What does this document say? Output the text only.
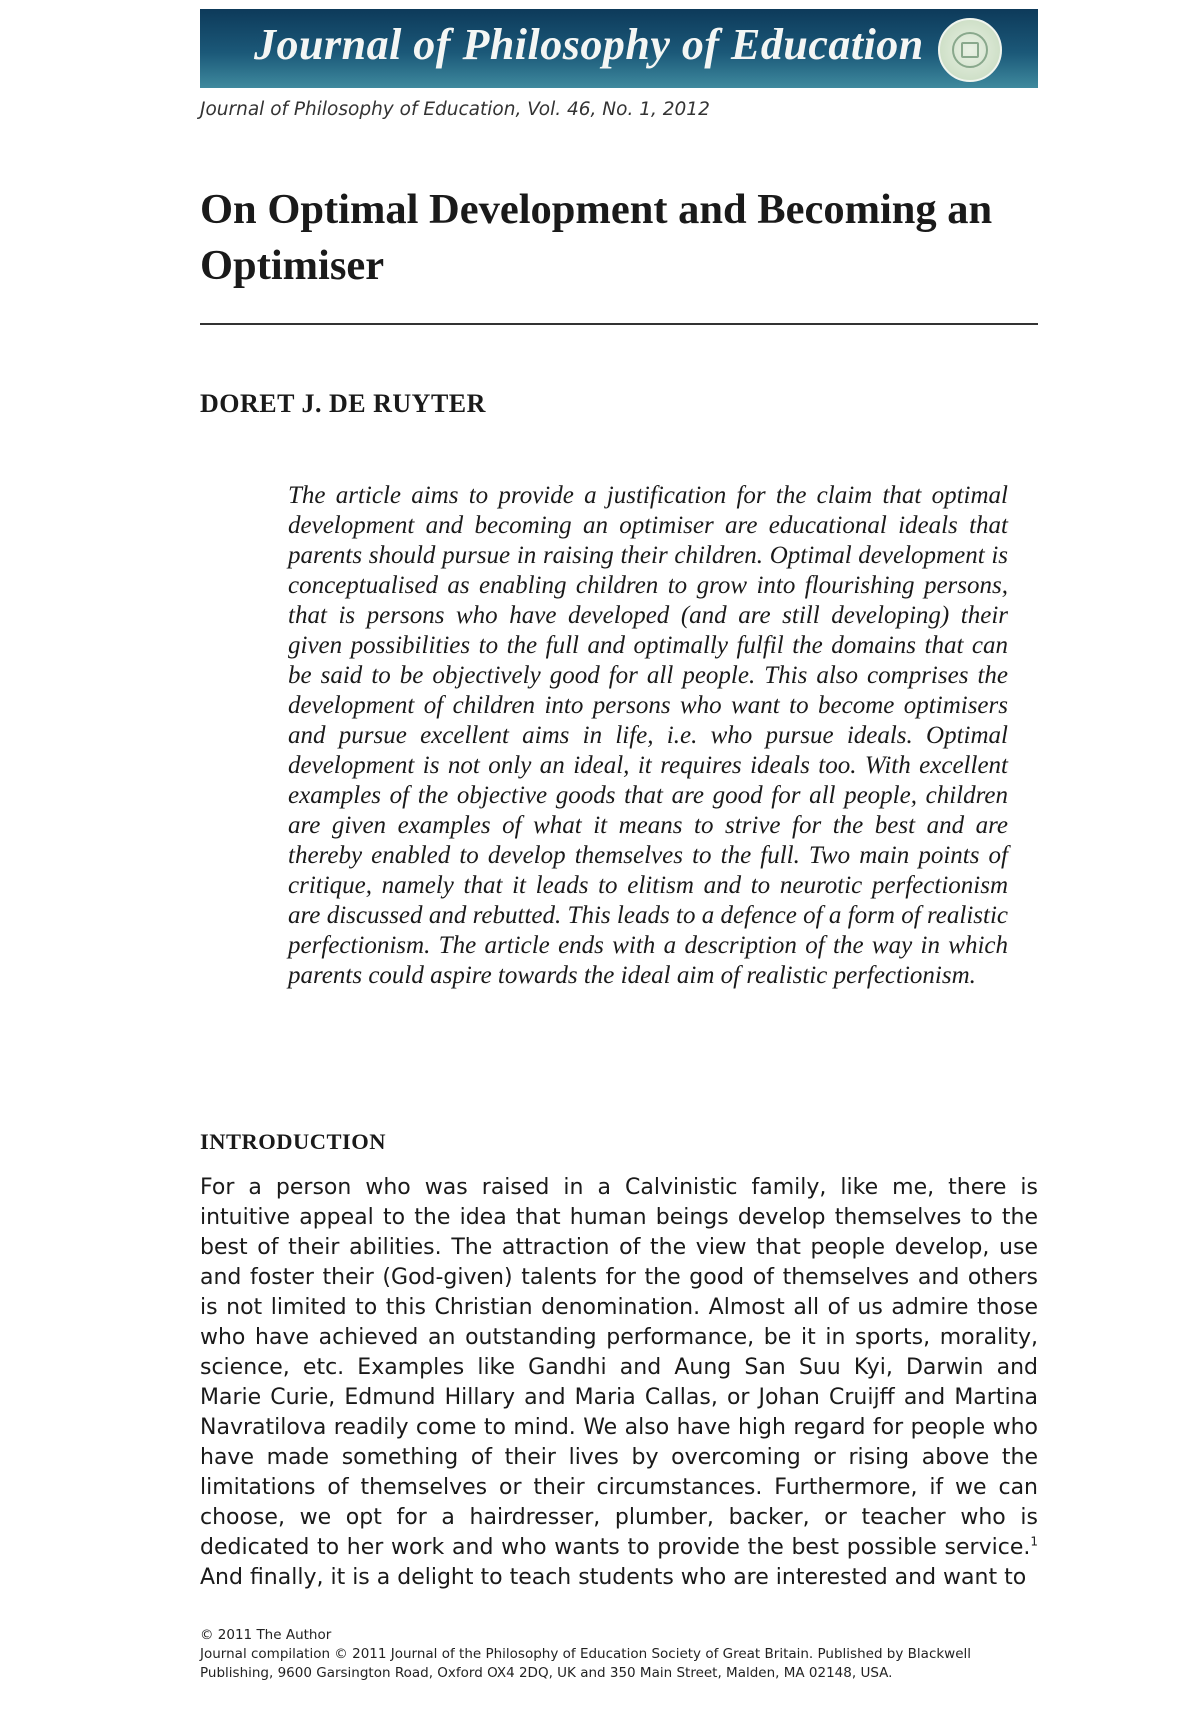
Journal of Philosophy of Education
Journal of Philosophy of Education, Vol. 46, No. 1, 2012
On Optimal Development and Becoming an Optimiser
DORET J. DE RUYTER
The article aims to provide a justification for the claim that optimal development and becoming an optimiser are educational ideals that parents should pursue in raising their children. Optimal development is conceptualised as enabling children to grow into flourishing persons, that is persons who have developed (and are still developing) their given possibilities to the full and optimally fulfil the domains that can be said to be objectively good for all people. This also comprises the development of children into persons who want to become optimisers and pursue excellent aims in life, i.e. who pursue ideals. Optimal development is not only an ideal, it requires ideals too. With excellent examples of the objective goods that are good for all people, children are given examples of what it means to strive for the best and are thereby enabled to develop themselves to the full. Two main points of critique, namely that it leads to elitism and to neurotic perfectionism are discussed and rebutted. This leads to a defence of a form of realistic perfectionism. The article ends with a description of the way in which parents could aspire towards the ideal aim of realistic perfectionism.
INTRODUCTION
For a person who was raised in a Calvinistic family, like me, there is intuitive appeal to the idea that human beings develop themselves to the best of their abilities. The attraction of the view that people develop, use and foster their (God-given) talents for the good of themselves and others is not limited to this Christian denomination. Almost all of us admire those who have achieved an outstanding performance, be it in sports, morality, science, etc. Examples like Gandhi and Aung San Suu Kyi, Darwin and Marie Curie, Edmund Hillary and Maria Callas, or Johan Cruijff and Martina Navratilova readily come to mind. We also have high regard for people who have made something of their lives by overcoming or rising above the limitations of themselves or their circumstances. Furthermore, if we can choose, we opt for a hairdresser, plumber, backer, or teacher who is dedicated to her work and who wants to provide the best possible service.$^1$ And finally, it is a delight to teach students who are interested and want to
© 2011 The Author
Journal compilation © 2011 Journal of the Philosophy of Education Society of Great Britain. Published by Blackwell Publishing, 9600 Garsington Road, Oxford OX4 2DQ, UK and 350 Main Street, Malden, MA 02148, USA.
